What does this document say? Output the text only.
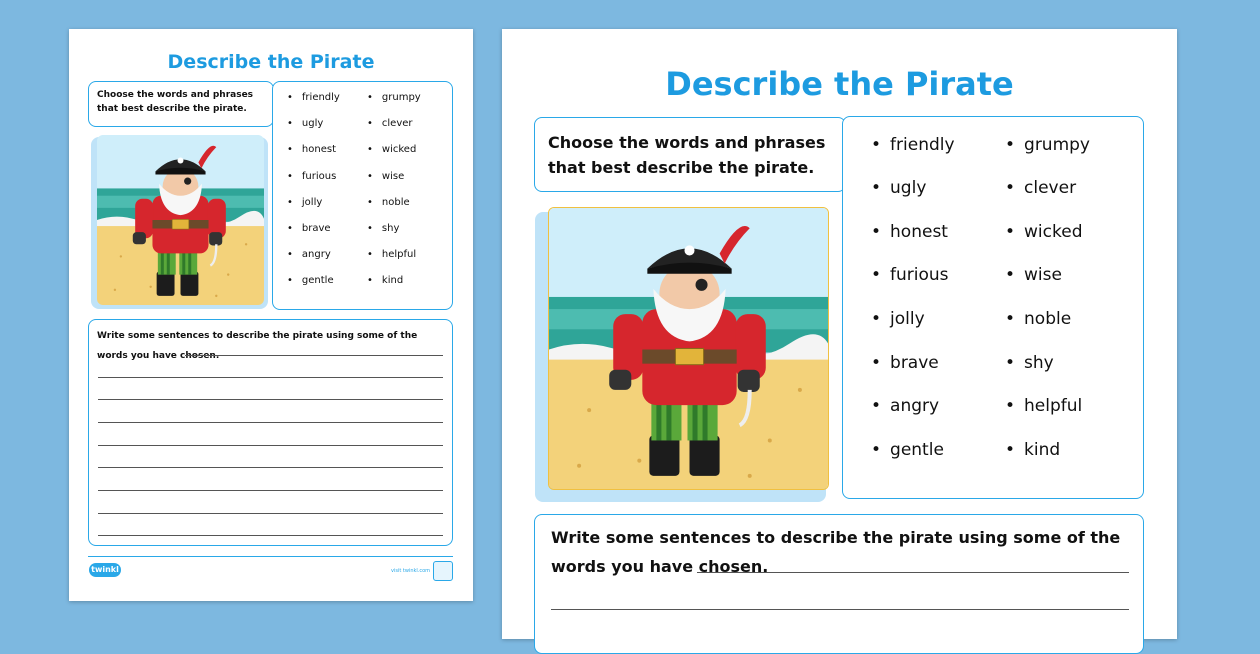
Describe the Pirate
Choose the words and phrases that best describe the pirate.
• friendly
• ugly
• honest
• furious
• jolly
• brave
• angry
• gentle
• grumpy
• clever
• wicked
• wise
• noble
• shy
• helpful
• kind
Write some sentences to describe the pirate using some of the words you have chosen.
twinkl	visit twinkl.com
Describe the Pirate
Choose the words and phrases that best describe the pirate.
• friendly
• ugly
• honest
• furious
• jolly
• brave
• angry
• gentle
• grumpy
• clever
• wicked
• wise
• noble
• shy
• helpful
• kind
Write some sentences to describe the pirate using some of the words you have chosen.
